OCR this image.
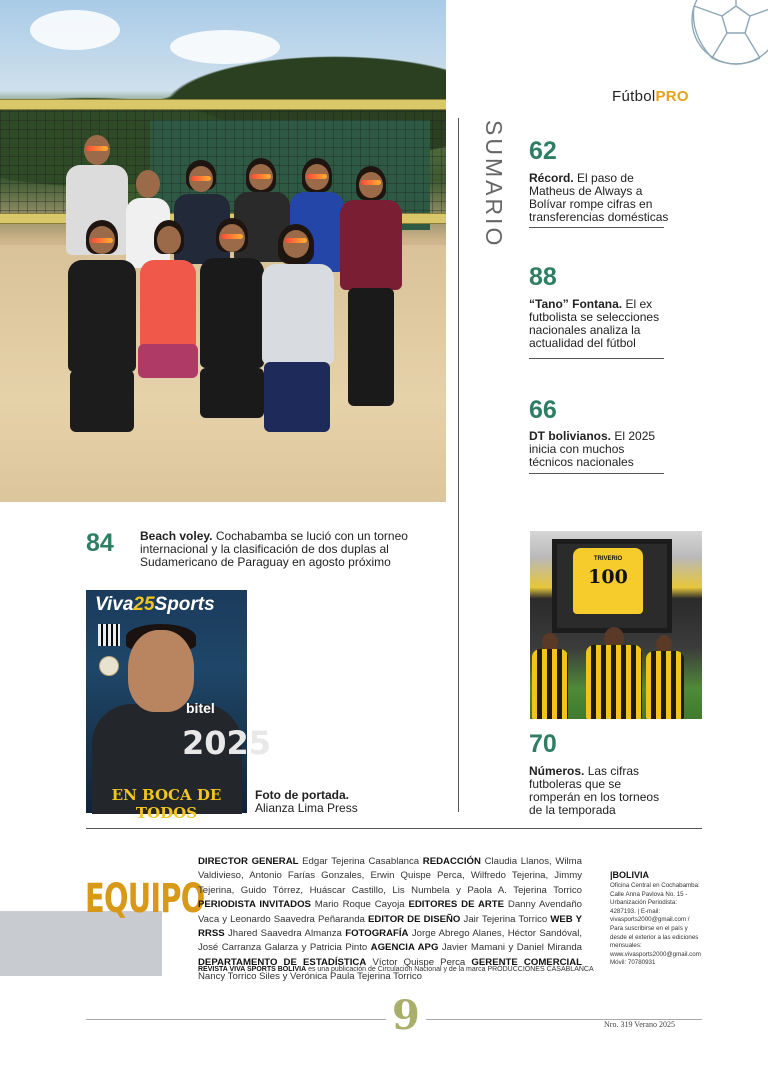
FútbolPRO
SUMARIO 62
Récord. El paso de Matheus de Always a Bolívar rompe cifras en transferencias domésticas
88
“Tano” Fontana. El ex futbolista se selecciones nacionales analiza la actualidad del fútbol
66
DT bolivianos. El 2025 inicia con muchos técnicos nacionales
84 Beach voley. Cochabamba se lució con un torneo internacional y la clasificación de dos duplas al Sudamericano de Paraguay en agosto próximo	TRIVERIO
100
70
Números. Las cifras futboleras que se romperán en los torneos de la temporada
Viva25Sports
bitel
2025
EN BOCA DE TODOS
Foto de portada.
Alianza Lima Press
EQUIPO
DIRECTOR GENERAL Edgar Tejerina Casablanca REDACCIÓN Claudia Llanos, Wilma Valdivieso, Antonio Farías Gonzales, Erwin Quispe Perca, Wilfredo Tejerina, Jimmy Tejerina, Guido Tórrez, Huáscar Castillo, Lis Numbela y Paola A. Tejerina Torrico PERIODISTA INVITADOS Mario Roque Cayoja EDITORES DE ARTE Danny Avendaño Vaca y Leonardo Saavedra Peñaranda EDITOR DE DISEÑO Jair Tejerina Torrico WEB Y RRSS Jhared Saavedra Almanza FOTOGRAFÍA Jorge Abrego Alanes, Héctor Sandóval, José Carranza Galarza y Patricia Pinto AGENCIA APG Javier Mamani y Daniel Miranda DEPARTAMENTO DE ESTADÍSTICA Víctor Quispe Perca GERENTE COMERCIAL Nancy Torrico Siles y Verónica Paula Tejerina Torrico
REVISTA VIVA SPORTS BOLIVIA es una publicación de Circulación Nacional y de la marca PRODUCCIONES CASABLANCA
|BOLIVIA
Oficina Central en Cochabamba: Calle Anna Pavlova No. 15 - Urbanización Periodista: 4287193. | E-mail: vivasports2000@gmail.com / Para suscribirse en el país y desde el exterior a las ediciones mensuales: www.vivasports2000@gmail.com Móvil: 70780931
9	Nro. 319 Verano 2025
